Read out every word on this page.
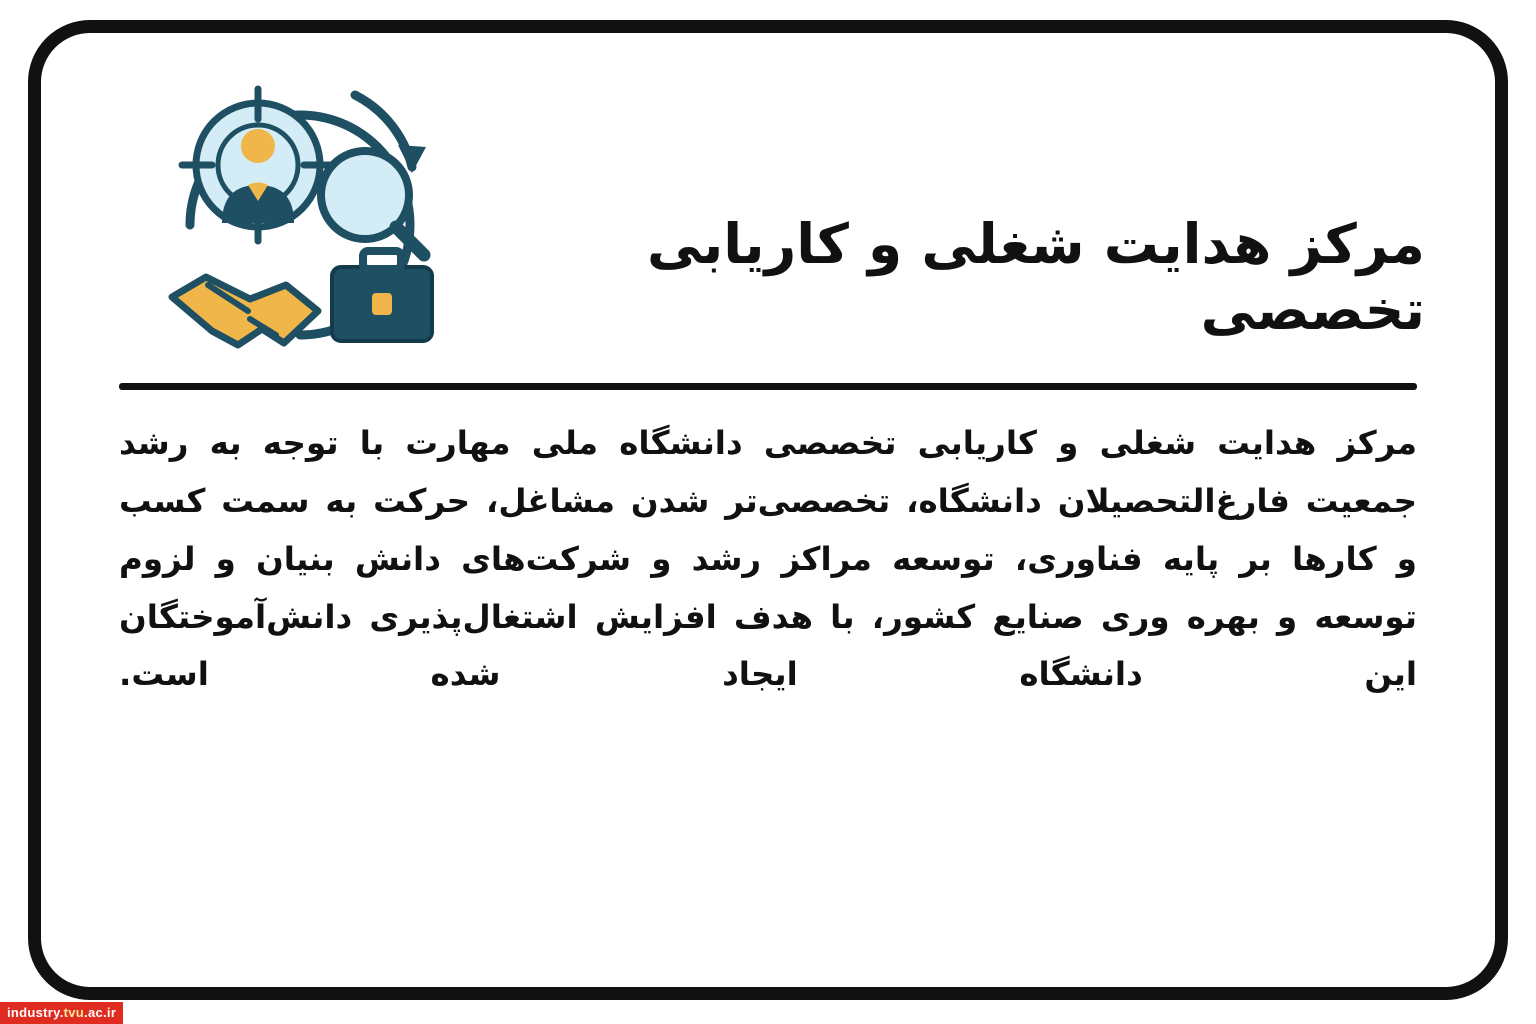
مرکز هدایت شغلی و کاریابی تخصصی
مرکز هدایت شغلی و کاریابی تخصصی دانشگاه ملی مهارت با توجه به رشد جمعیت فارغ‌التحصیلان دانشگاه، تخصصی‌تر شدن مشاغل، حرکت به سمت کسب و کارها بر پایه فناوری، توسعه مراکز رشد و شرکت‌های دانش بنیان و لزوم توسعه و بهره وری صنایع کشور، با هدف افزایش اشتغال‌پذیری دانش‌آموختگان این دانشگاه ایجاد شده است.
industry.tvu.ac.ir
